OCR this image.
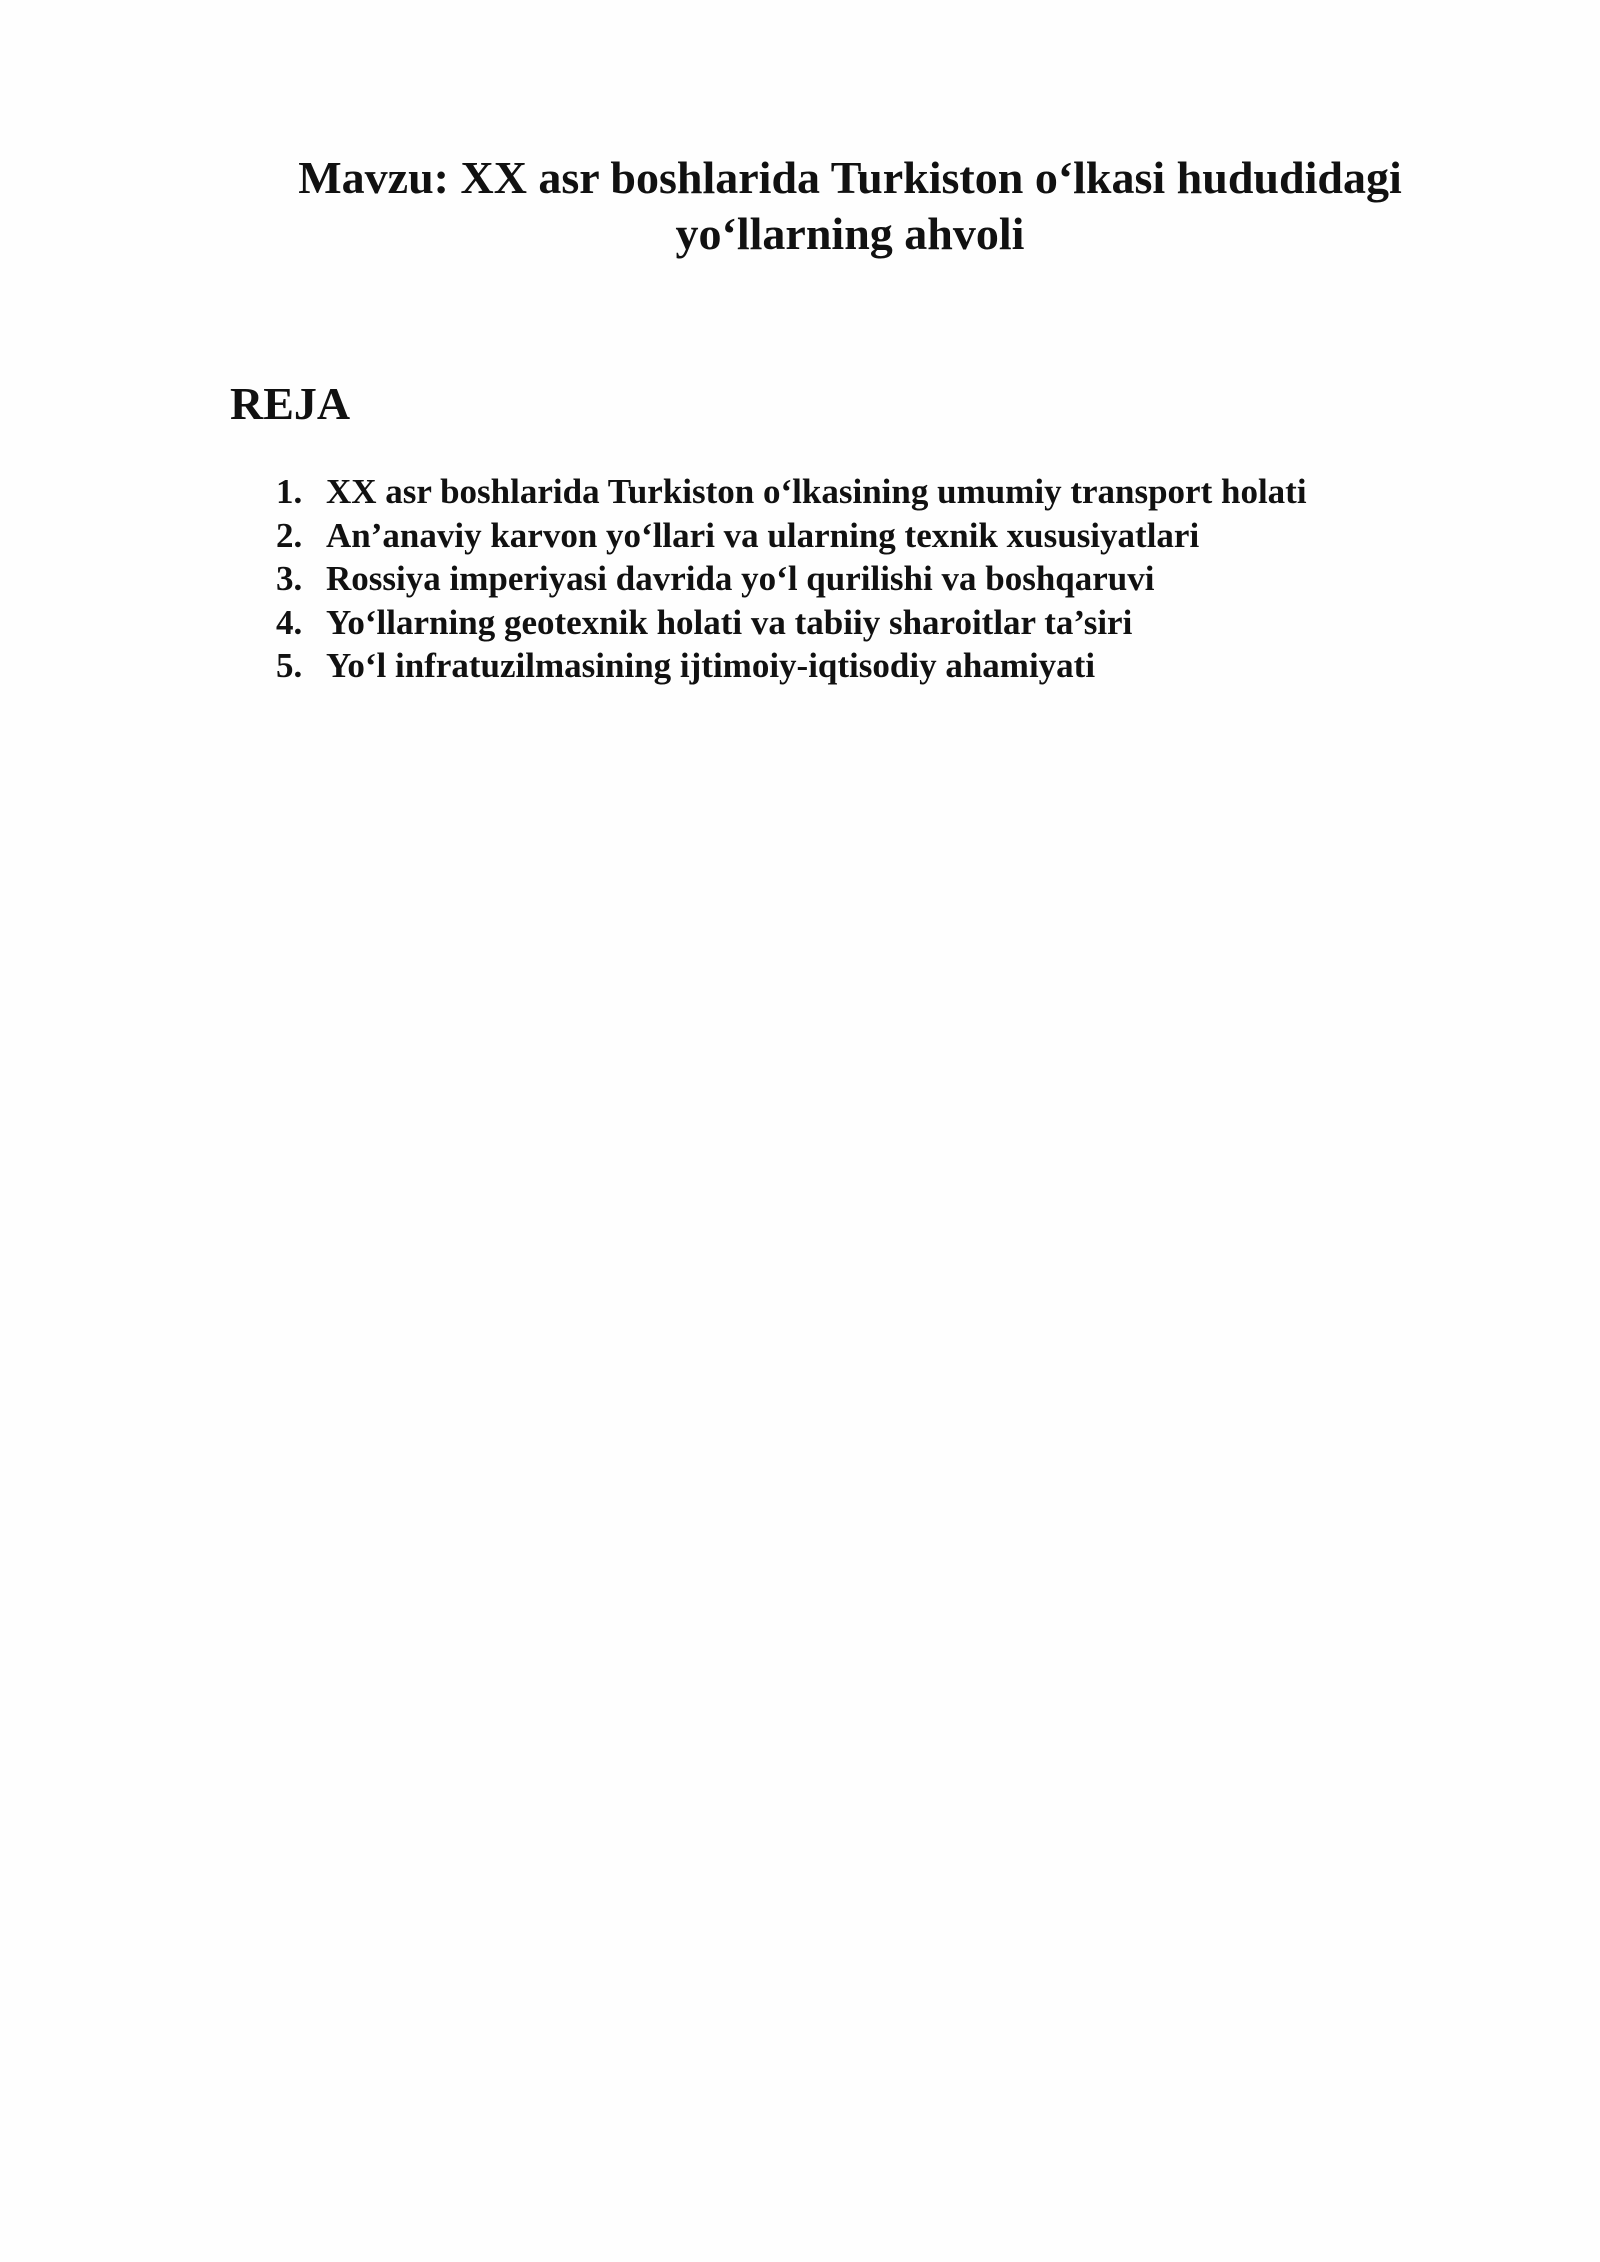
Mavzu: XX asr boshlarida Turkiston o‘lkasi hududidagi
yo‘llarning ahvoli
REJA
1. XX asr boshlarida Turkiston o‘lkasining umumiy transport holati
2. An’anaviy karvon yo‘llari va ularning texnik xususiyatlari
3. Rossiya imperiyasi davrida yo‘l qurilishi va boshqaruvi
4. Yo‘llarning geotexnik holati va tabiiy sharoitlar ta’siri
5. Yo‘l infratuzilmasining ijtimoiy-iqtisodiy ahamiyati
